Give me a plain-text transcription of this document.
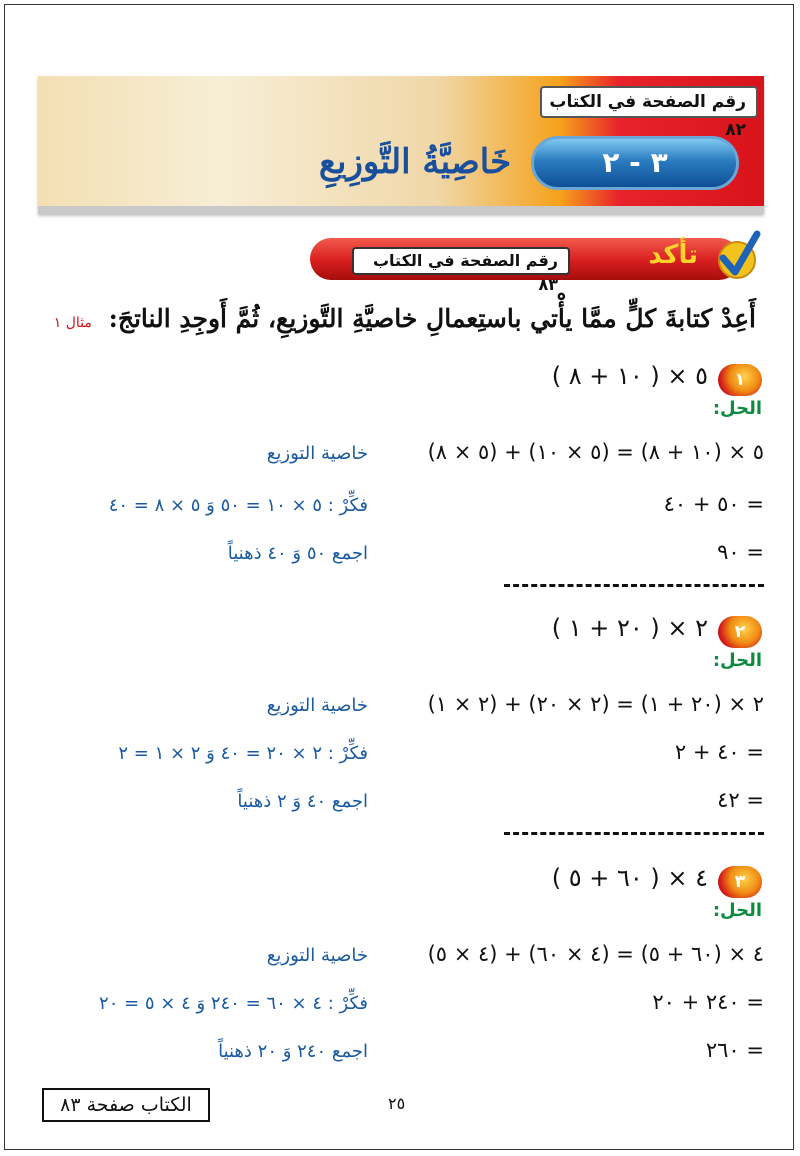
رقم الصفحة في الكتاب ٨٢
خَاصِيَّةُ التَّوزِيعِ	٣ - ٢
تأكد
رقم الصفحة في الكتاب ٨٣
أَعِدْ كتابةَ كلٍّ ممَّا يأْتي باستِعمالِ خاصيَّةِ التَّوزيعِ، ثُمَّ أَوجِدِ الناتجَ: مثال ١
١
٥ × ( ١٠ + ٨ )
الحل:
٥ × (١٠ + ٨) = (٥ × ١٠) + (٥ × ٨)
خاصية التوزيع
= ٥٠ + ٤٠
فكِّرْ : ٥ × ١٠ = ٥٠ وَ ٥ × ٨ = ٤٠
= ٩٠
اجمع ٥٠ وَ ٤٠ ذهنياً
٢
٢ × ( ٢٠ + ١ )
الحل:
٢ × (٢٠ + ١) = (٢ × ٢٠) + (٢ × ١)
خاصية التوزيع
= ٤٠ + ٢
فكِّرْ : ٢ × ٢٠ = ٤٠ وَ ٢ × ١ = ٢
= ٤٢
اجمع ٤٠ وَ ٢ ذهنياً
٣
٤ × ( ٦٠ + ٥ )
الحل:
٤ × (٦٠ + ٥) = (٤ × ٦٠) + (٤ × ٥)
خاصية التوزيع
= ٢٤٠ + ٢٠
فكِّرْ : ٤ × ٦٠ = ٢٤٠ وَ ٤ × ٥ = ٢٠
= ٢٦٠
اجمع ٢٤٠ وَ ٢٠ ذهنياً
الكتاب صفحة ٨٣	٢٥
